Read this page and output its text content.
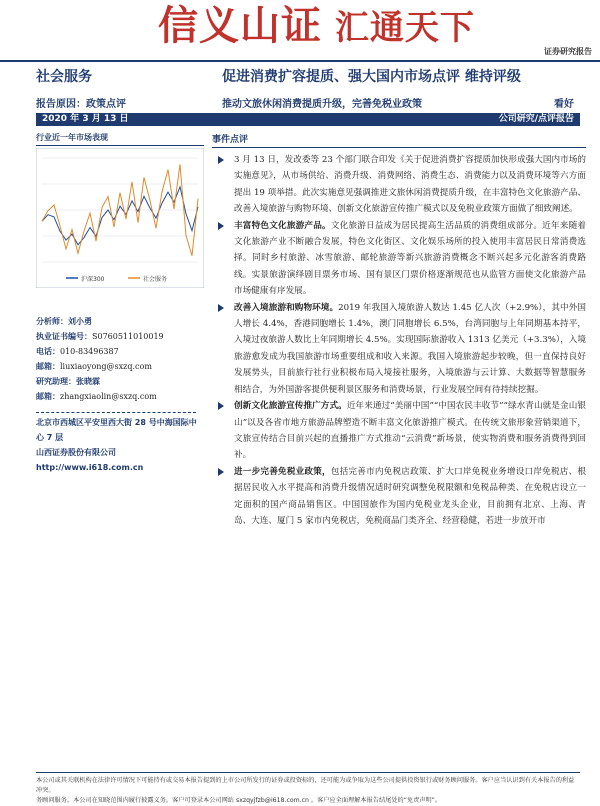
信义山证 汇通天下
证券研究报告
社会服务	促进消费扩容提质、强大国内市场点评 维持评级
报告原因：政策点评	推动文旅休闲消费提质升级，完善免税业政策	看好
2020 年 3 月 13 日	公司研究/点评报告
行业近一年市场表现
沪深300	社会服务
分析师：刘小勇
执业证书编号：S0760511010019
电话：010-83496387
邮箱：liuxiaoyong@sxzq.com
研究助理：张晓霖
邮箱：zhangxiaolin@sxzq.com
北京市西城区平安里西大街 28 号中海国际中心 7 层
山西证券股份有限公司
http://www.i618.com.cn
事件点评
3 月 13 日，发改委等 23 个部门联合印发《关于促进消费扩容提质加快形成强大国内市场的实施意见》，从市场供给、消费升级、消费网络、消费生态、消费能力以及消费环境等六方面提出 19 项举措。此次实施意见强调推进文旅休闲消费提质升级，在丰富特色文化旅游产品、改善入境旅游与购物环境、创新文化旅游宣传推广模式以及免税业政策方面做了细致阐述。
丰富特色文化旅游产品。文化旅游日益成为居民提高生活品质的消费组成部分。近年来随着文化旅游产业不断融合发展，特色文化街区、文化娱乐场所的投入使用丰富居民日常消费选择。同时乡村旅游、冰雪旅游、邮轮旅游等新兴旅游消费概念不断兴起多元化游客消费路线。实景旅游演绎剧目票务市场、国有景区门票价格逐渐规范也从监管方面使文化旅游产品市场健康有序发展。
改善入境旅游和购物环境。2019 年我国入境旅游人数达 1.45 亿人次（+2.9%），其中外国人增长 4.4%，香港同胞增长 1.4%，澳门同胞增长 6.5%，台湾同胞与上年同期基本持平，入境过夜旅游人数比上年同期增长 4.5%。实现国际旅游收入 1313 亿美元（+3.3%），入境旅游愈发成为我国旅游市场重要组成和收入来源。我国入境旅游起步较晚，但一直保持良好发展势头，目前旅行社行业积极布局入境接社服务，入境旅游与云计算、大数据等智慧服务相结合，为外国游客提供便利景区服务和消费场景，行业发展空间有待持续挖掘。
创新文化旅游宣传推广方式。近年来通过“美丽中国”“中国农民丰收节”“绿水青山就是金山银山”以及各省市地方旅游品牌塑造不断丰富文化旅游推广模式。在传统文旅形象营销渠道下，文旅宣传结合目前兴起的直播推广方式推动“云消费”新场景，使实物消费和服务消费得到回补。
进一步完善免税业政策，包括完善市内免税店政策、扩大口岸免税业务增设口岸免税店、根据居民收入水平提高和消费升级情况适时研究调整免税限额和免税品种类、在免税店设立一定面积的国产商品销售区。中国国旅作为国内免税业龙头企业，目前拥有北京、上海、青岛、大连、厦门 5 家市内免税店，免税商品门类齐全、经营稳健，若进一步放开市
本公司或其关联机构在法律许可情况下可能持有或交易本报告提到的上市公司所发行的证券或投资标的，还可能为或争取为这些公司提供投资银行或财务顾问服务。客户应当认识到有关本报告的利益冲突。
务顾问服务。本公司在知晓范围内履行披露义务。客户可登录本公司网站 sxzqyjfzb@i618.com.cn 。客户应全面理解本报告结尾处的“免责声明”。
